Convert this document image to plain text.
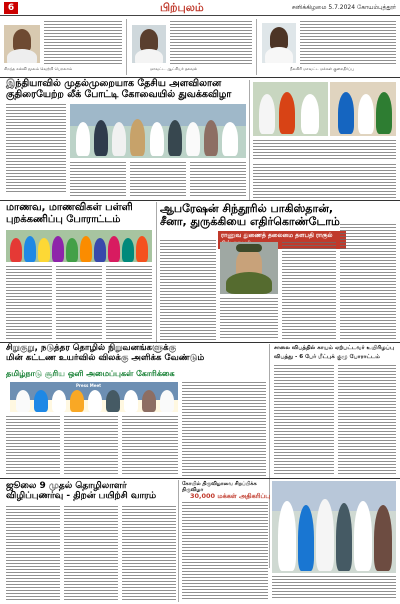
6	பிற்புலம்	சனிக்கிழமை 5.7.2024 கோயம்புத்தூர்
சிறந்த கல்வி மூலம் வெற்றி பெறலாம்	மாவட்ட ஆட்சியர் தகவல்	நீலகிரி மாவட்ட மக்கள் குறைதீர்ப்பு
இந்தியாவில் முதல்முறையாக தேசிய அளவிலான
குதிரையேற்ற லீக் போட்டி கோவையில் துவக்கவிழா
மாணவ, மாணவிகள் பள்ளி
புறக்கணிப்பு போராட்டம்
ஆபரேஷன் சிந்தூரில் பாகிஸ்தான்,
சீனா, துருக்கியை எதிர்கொண்டோம்
ராணுவ துணைத் தலைமை தளபதி ராகுல்
சிறுகுறு, நடுத்தர தொழில் நிறுவனங்களுக்கு
மின் கட்டண உயர்வில் விலக்கு அளிக்க வேண்டும்
தமிழ்நாடு சூரிய ஒளி அமைப்புகள் கோரிக்கை
Press Meet
சாலை விபத்தில் காயம் ஏற்பட்டவர் உயிரிழப்பு
விபத்து - 6 பேர் மீட்புக் குழு போராட்டம்
ஜூலை 9 முதல் தொழிலாளர்
விழிப்புணர்வு - திறன் பயிற்சி வாரம்
கோயில் திருவிழாவை சிறப்பிக்க திருவிழா
30,000 மக்கள் அதிகரிப்பு
